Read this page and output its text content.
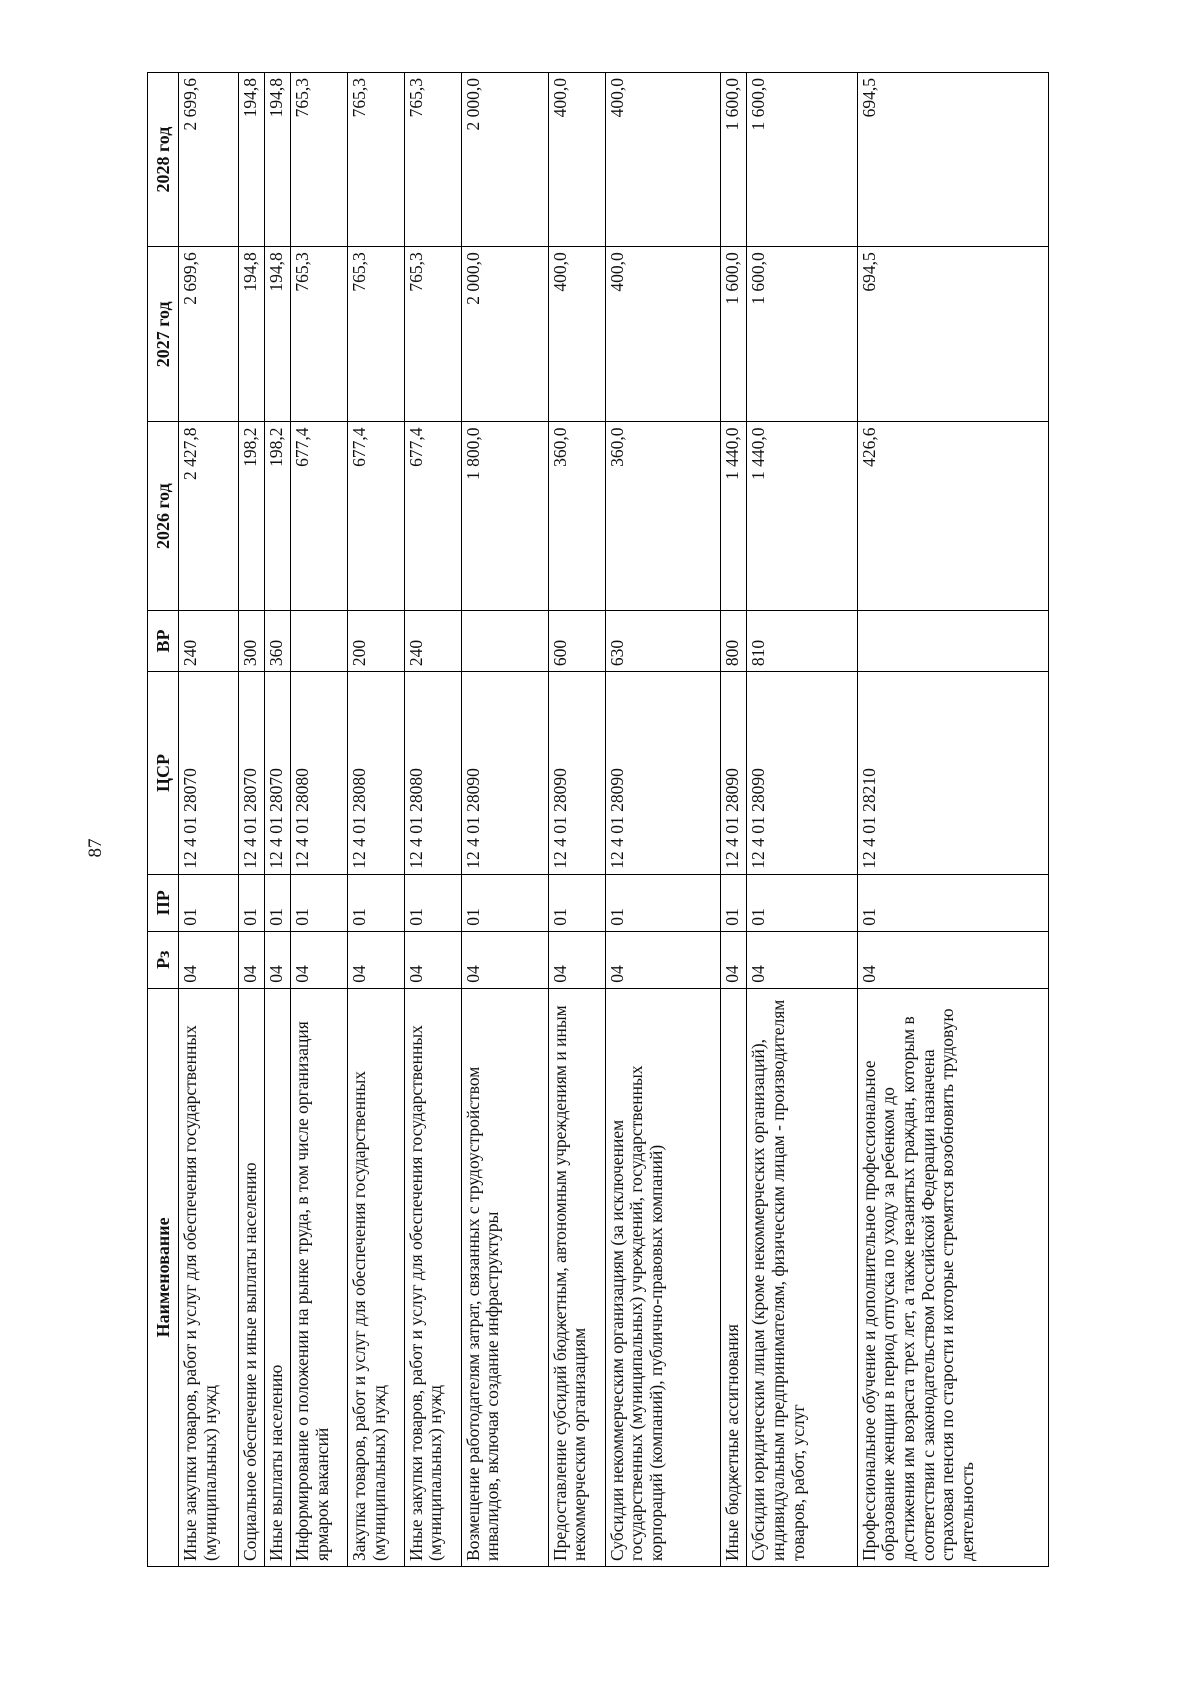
87
Наименование	Рз	ПР	ЦСР	ВР	2026 год	2027 год	2028 год
Иные закупки товаров, работ и услуг для обеспечения государственных (муниципальных) нужд	04	01	12 4 01 28070	240	2 427,8	2 699,6	2 699,6
Социальное обеспечение и иные выплаты населению	04	01	12 4 01 28070	300	198,2	194,8	194,8
Иные выплаты населению	04	01	12 4 01 28070	360	198,2	194,8	194,8
Информирование о положении на рынке труда, в том числе организация ярмарок вакансий	04	01	12 4 01 28080		677,4	765,3	765,3
Закупка товаров, работ и услуг для обеспечения государственных (муниципальных) нужд	04	01	12 4 01 28080	200	677,4	765,3	765,3
Иные закупки товаров, работ и услуг для обеспечения государственных (муниципальных) нужд	04	01	12 4 01 28080	240	677,4	765,3	765,3
Возмещение работодателям затрат, связанных с трудоустройством инвалидов, включая создание инфраструктуры	04	01	12 4 01 28090		1 800,0	2 000,0	2 000,0
Предоставление субсидий бюджетным, автономным учреждениям и иным некоммерческим организациям	04	01	12 4 01 28090	600	360,0	400,0	400,0
Субсидии некоммерческим организациям (за исключением государственных (муниципальных) учреждений, государственных корпораций (компаний), публично-правовых компаний)	04	01	12 4 01 28090	630	360,0	400,0	400,0
Иные бюджетные ассигнования	04	01	12 4 01 28090	800	1 440,0	1 600,0	1 600,0
Субсидии юридическим лицам (кроме некоммерческих организаций), индивидуальным предпринимателям, физическим лицам - производителям товаров, работ, услуг	04	01	12 4 01 28090	810	1 440,0	1 600,0	1 600,0
Профессиональное обучение и дополнительное профессиональное образование женщин в период отпуска по уходу за ребенком до достижения им возраста трех лет, а также незанятых граждан, которым в соответствии с законодательством Российской Федерации назначена страховая пенсия по старости и которые стремятся возобновить трудовую деятельность	04	01	12 4 01 28210		426,6	694,5	694,5
